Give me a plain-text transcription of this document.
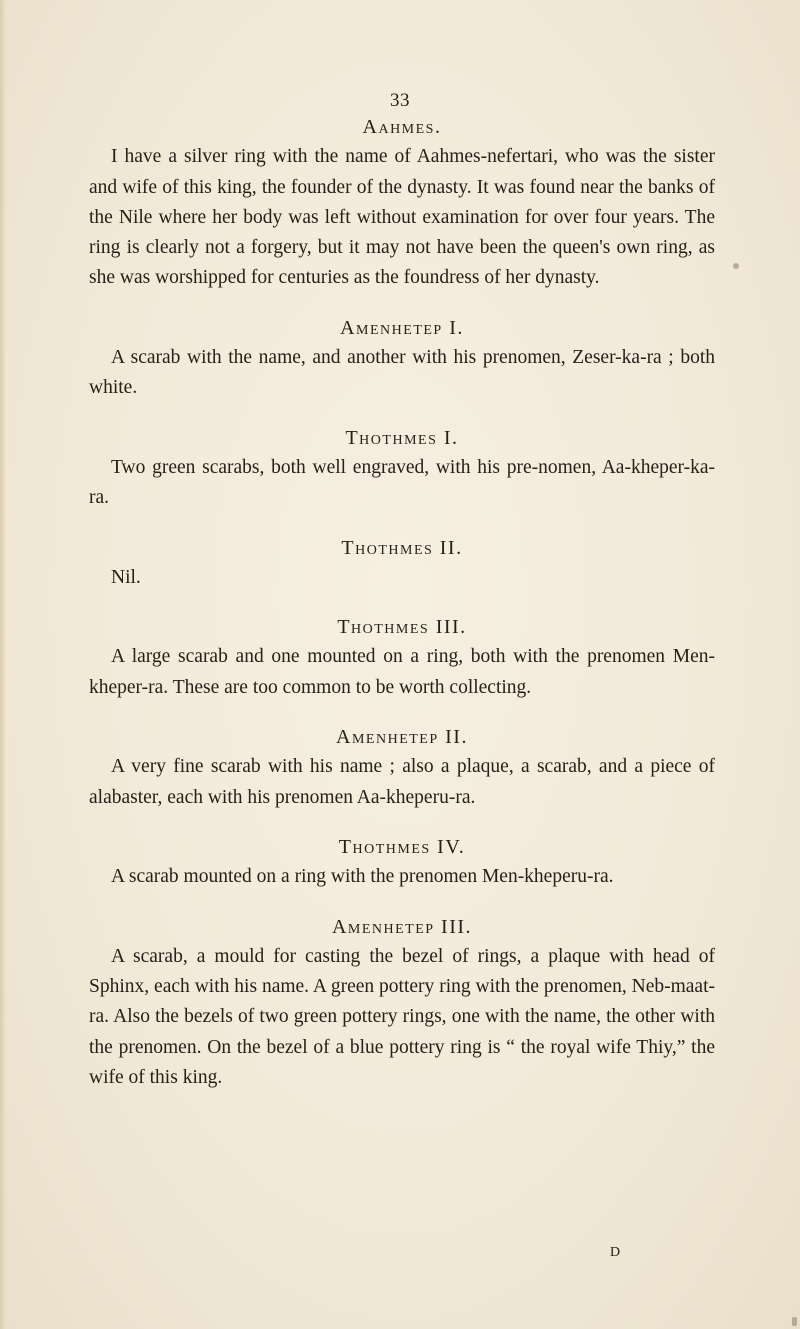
33

Aahmes.

I have a silver ring with the name of Aahmes-nefertari, who was the sister and wife of this king, the founder of the dynasty. It was found near the banks of the Nile where her body was left without examination for over four years. The ring is clearly not a forgery, but it may not have been the queen's own ring, as she was worshipped for centuries as the foundress of her dynasty.

Amenhetep I.

A scarab with the name, and another with his prenomen, Zeser-ka-ra ; both white.

Thothmes I.

Two green scarabs, both well engraved, with his pre-nomen, Aa-kheper-ka-ra.

Thothmes II.

Nil.

Thothmes III.

A large scarab and one mounted on a ring, both with the prenomen Men-kheper-ra. These are too common to be worth collecting.

Amenhetep II.

A very fine scarab with his name ; also a plaque, a scarab, and a piece of alabaster, each with his prenomen Aa-kheperu-ra.

Thothmes IV.

A scarab mounted on a ring with the prenomen Men-kheperu-ra.

Amenhetep III.

A scarab, a mould for casting the bezel of rings, a plaque with head of Sphinx, each with his name. A green pottery ring with the prenomen, Neb-maat-ra. Also the bezels of two green pottery rings, one with the name, the other with the prenomen. On the bezel of a blue pottery ring is “ the royal wife Thiy,” the wife of this king.

D
